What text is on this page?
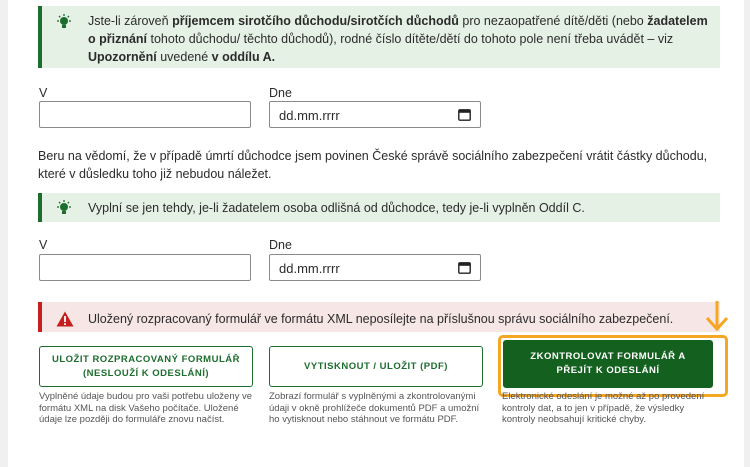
Jste-li zároveň příjemcem sirotčího důchodu/sirotčích důchodů pro nezaopatřené dítě/děti (nebo žadatelem o přiznání tohoto důchodu/ těchto důchodů), rodné číslo dítěte/dětí do tohoto pole není třeba uvádět – viz Upozornění uvedené v oddílu A.
V	Dne
dd.mm.rrrr
Beru na vědomí, že v případě úmrtí důchodce jsem povinen České správě sociálního zabezpečení vrátit částky důchodu, které v důsledku toho již nebudou náležet.
Vyplní se jen tehdy, je-li žadatelem osoba odlišná od důchodce, tedy je-li vyplněn Oddíl C.
V	Dne
dd.mm.rrrr
Uložený rozpracovaný formulář ve formátu XML neposílejte na příslušnou správu sociálního zabezpečení.
ULOŽIT ROZPRACOVANÝ FORMULÁŘ (NESLOUŽÍ K ODESLÁNÍ)
VYTISKNOUT / ULOŽIT (PDF)
ZKONTROLOVAT FORMULÁŘ A PŘEJÍT K ODESLÁNÍ
Vyplněné údaje budou pro vaši potřebu uloženy ve formátu XML na disk Vašeho počítače. Uložené údaje lze později do formuláře znovu načíst.
Zobrazí formulář s vyplněnými a zkontrolovanými údaji v okně prohlížeče dokumentů PDF a umožní ho vytisknout nebo stáhnout ve formátu PDF.
Elektronické odeslání je možné až po provedení kontroly dat, a to jen v případě, že výsledky kontroly neobsahují kritické chyby.
